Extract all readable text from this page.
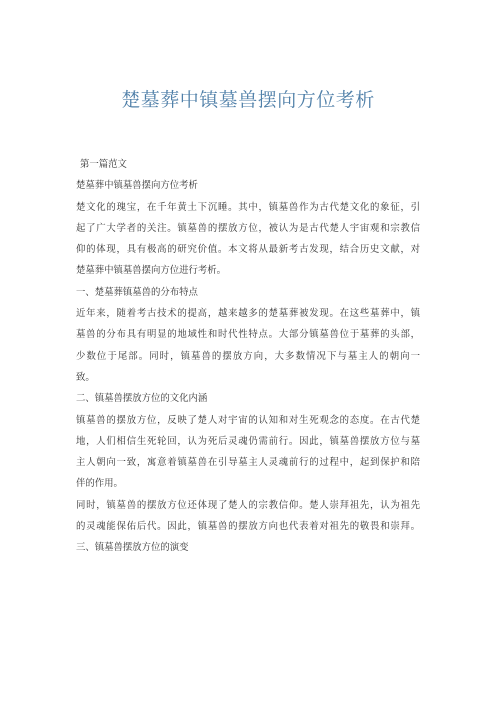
楚墓葬中镇墓兽摆向方位考析

第一篇范文

楚墓葬中镇墓兽摆向方位考析

楚文化的瑰宝，在千年黄土下沉睡。其中，镇墓兽作为古代楚文化的象征，引

起了广大学者的关注。镇墓兽的摆放方位，被认为是古代楚人宇宙观和宗教信

仰的体现，具有极高的研究价值。本文将从最新考古发现，结合历史文献，对

楚墓葬中镇墓兽摆向方位进行考析。

一、楚墓葬镇墓兽的分布特点

近年来，随着考古技术的提高，越来越多的楚墓葬被发现。在这些墓葬中，镇

墓兽的分布具有明显的地域性和时代性特点。大部分镇墓兽位于墓葬的头部，

少数位于尾部。同时，镇墓兽的摆放方向，大多数情况下与墓主人的朝向一

致。

二、镇墓兽摆放方位的文化内涵

镇墓兽的摆放方位，反映了楚人对宇宙的认知和对生死观念的态度。在古代楚

地，人们相信生死轮回，认为死后灵魂仍需前行。因此，镇墓兽摆放方位与墓

主人朝向一致，寓意着镇墓兽在引导墓主人灵魂前行的过程中，起到保护和陪

伴的作用。

同时，镇墓兽的摆放方位还体现了楚人的宗教信仰。楚人崇拜祖先，认为祖先

的灵魂能保佑后代。因此，镇墓兽的摆放方向也代表着对祖先的敬畏和崇拜。

三、镇墓兽摆放方位的演变
